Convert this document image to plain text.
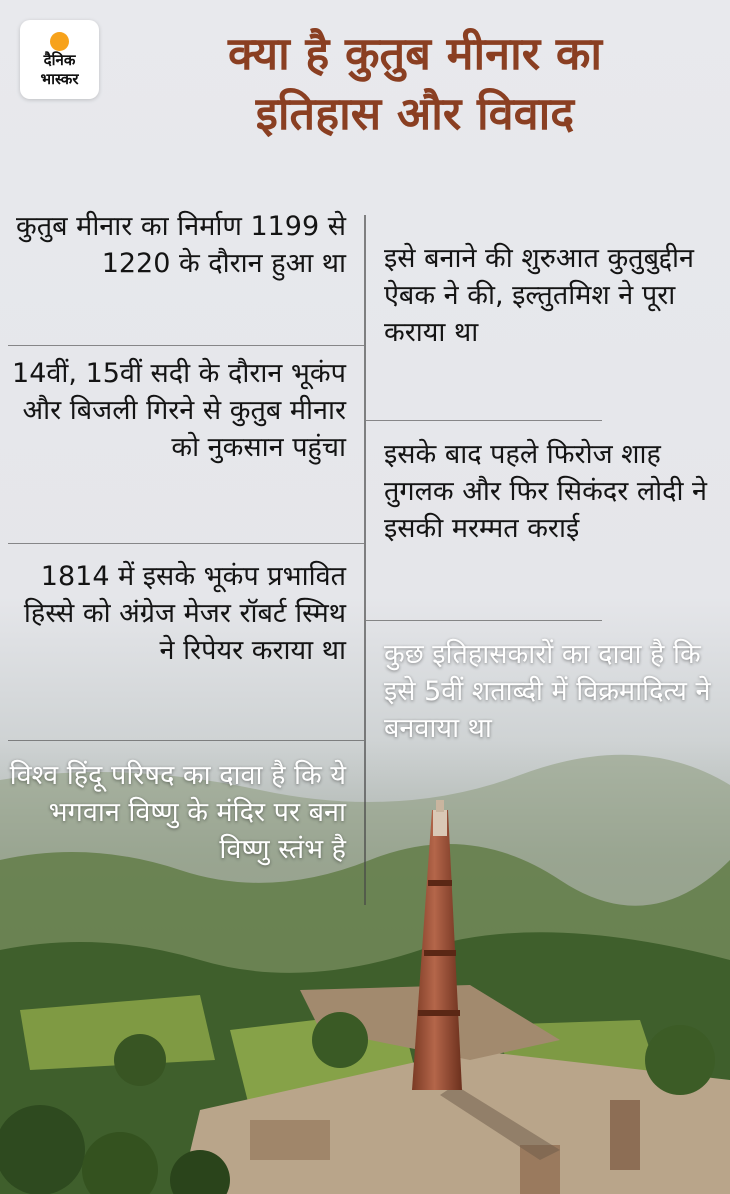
दैनिक
भास्कर	क्या है कुतुब मीनार का
इतिहास और विवाद

कुतुब मीनार का निर्माण 1199 से 1220 के दौरान हुआ था

14वीं, 15वीं सदी के दौरान भूकंप और बिजली गिरने से कुतुब मीनार को नुकसान पहुंचा

1814 में इसके भूकंप प्रभावित हिस्से को अंग्रेज मेजर रॉबर्ट स्मिथ ने रिपेयर कराया था

विश्व हिंदू परिषद का दावा है कि ये भगवान विष्णु के मंदिर पर बना विष्णु स्तंभ है

इसे बनाने की शुरुआत कुतुबुद्दीन ऐबक ने की, इल्तुतमिश ने पूरा कराया था

इसके बाद पहले फिरोज शाह तुगलक और फिर सिकंदर लोदी ने इसकी मरम्मत कराई

कुछ इतिहासकारों का दावा है कि इसे 5वीं शताब्दी में विक्रमादित्य ने बनवाया था
